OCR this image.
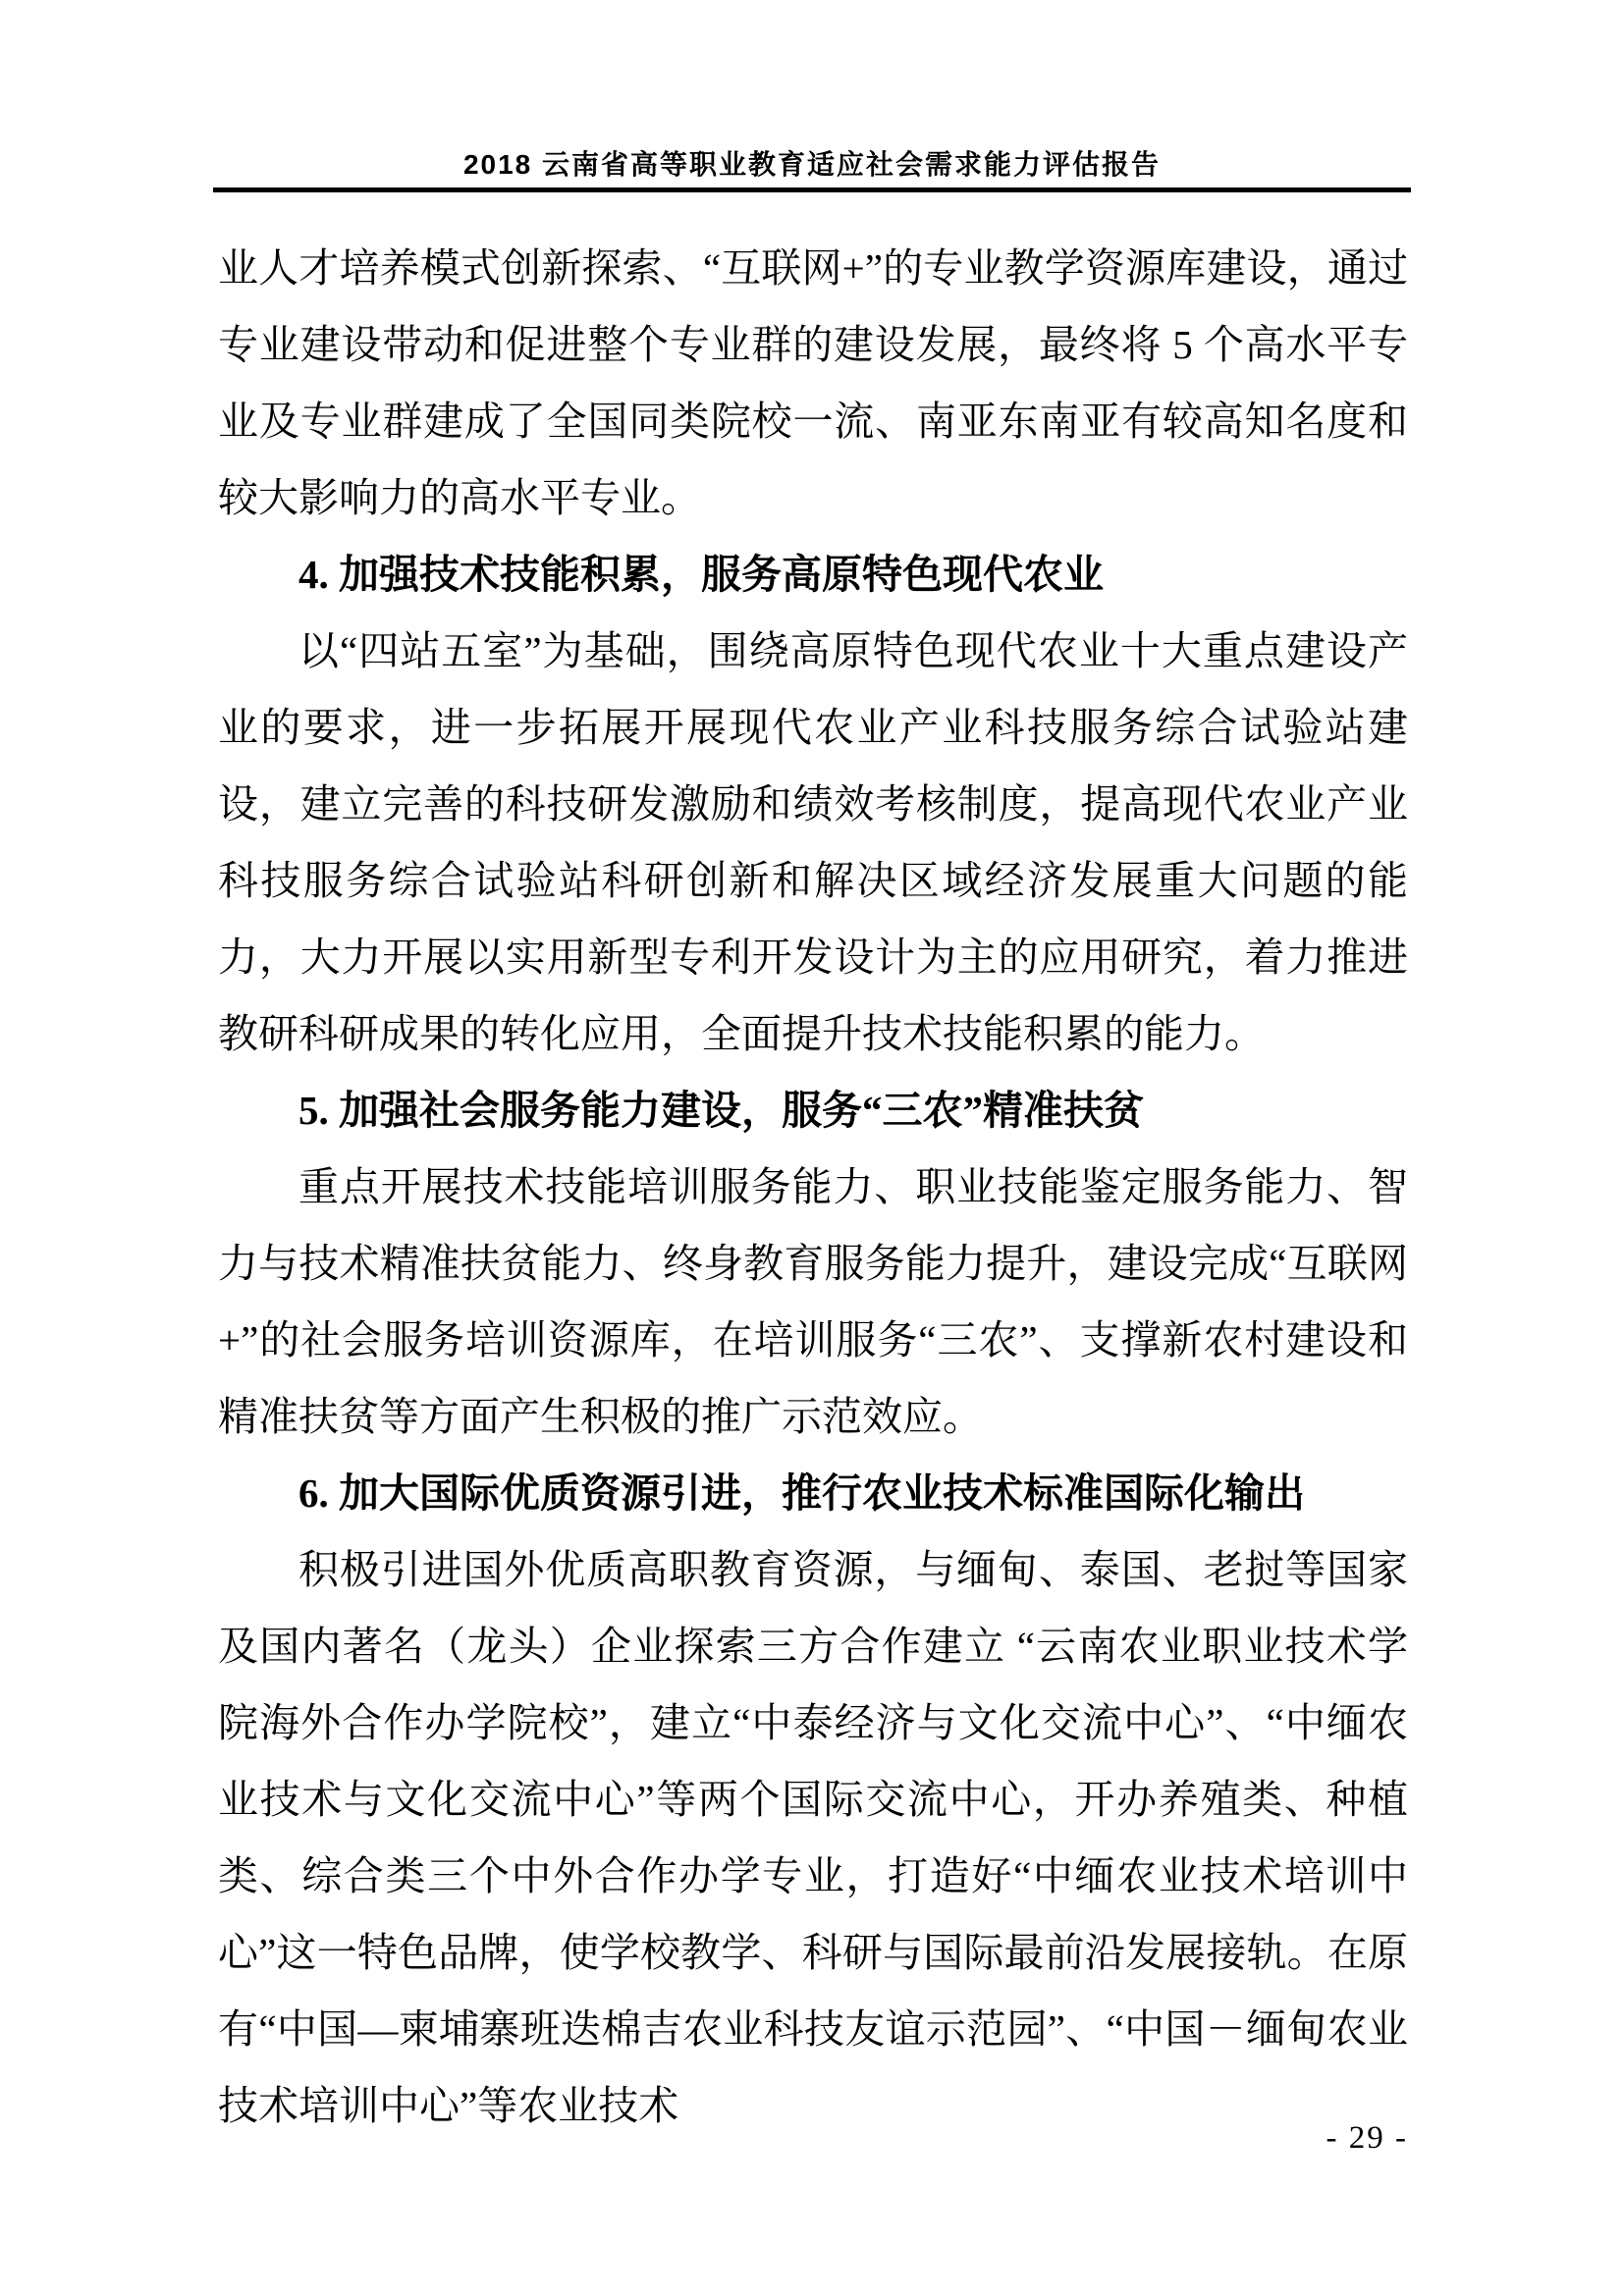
2018 云南省高等职业教育适应社会需求能力评估报告

业人才培养模式创新探索、“互联网+”的专业教学资源库建设，通过专业建设带动和促进整个专业群的建设发展，最终将 5 个高水平专业及专业群建成了全国同类院校一流、南亚东南亚有较高知名度和较大影响力的高水平专业。

4. 加强技术技能积累，服务高原特色现代农业

以“四站五室”为基础，围绕高原特色现代农业十大重点建设产业的要求，进一步拓展开展现代农业产业科技服务综合试验站建设，建立完善的科技研发激励和绩效考核制度，提高现代农业产业科技服务综合试验站科研创新和解决区域经济发展重大问题的能力，大力开展以实用新型专利开发设计为主的应用研究，着力推进教研科研成果的转化应用，全面提升技术技能积累的能力。

5. 加强社会服务能力建设，服务“三农”精准扶贫

重点开展技术技能培训服务能力、职业技能鉴定服务能力、智力与技术精准扶贫能力、终身教育服务能力提升，建设完成“互联网+”的社会服务培训资源库，在培训服务“三农”、支撑新农村建设和精准扶贫等方面产生积极的推广示范效应。

6. 加大国际优质资源引进，推行农业技术标准国际化输出

积极引进国外优质高职教育资源，与缅甸、泰国、老挝等国家及国内著名（龙头）企业探索三方合作建立 “云南农业职业技术学院海外合作办学院校”，建立“中泰经济与文化交流中心”、“中缅农业技术与文化交流中心”等两个国际交流中心，开办养殖类、种植类、综合类三个中外合作办学专业，打造好“中缅农业技术培训中心”这一特色品牌，使学校教学、科研与国际最前沿发展接轨。在原有“中国—柬埔寨班迭棉吉农业科技友谊示范园”、“中国－缅甸农业技术培训中心”等农业技术

- 29 -
